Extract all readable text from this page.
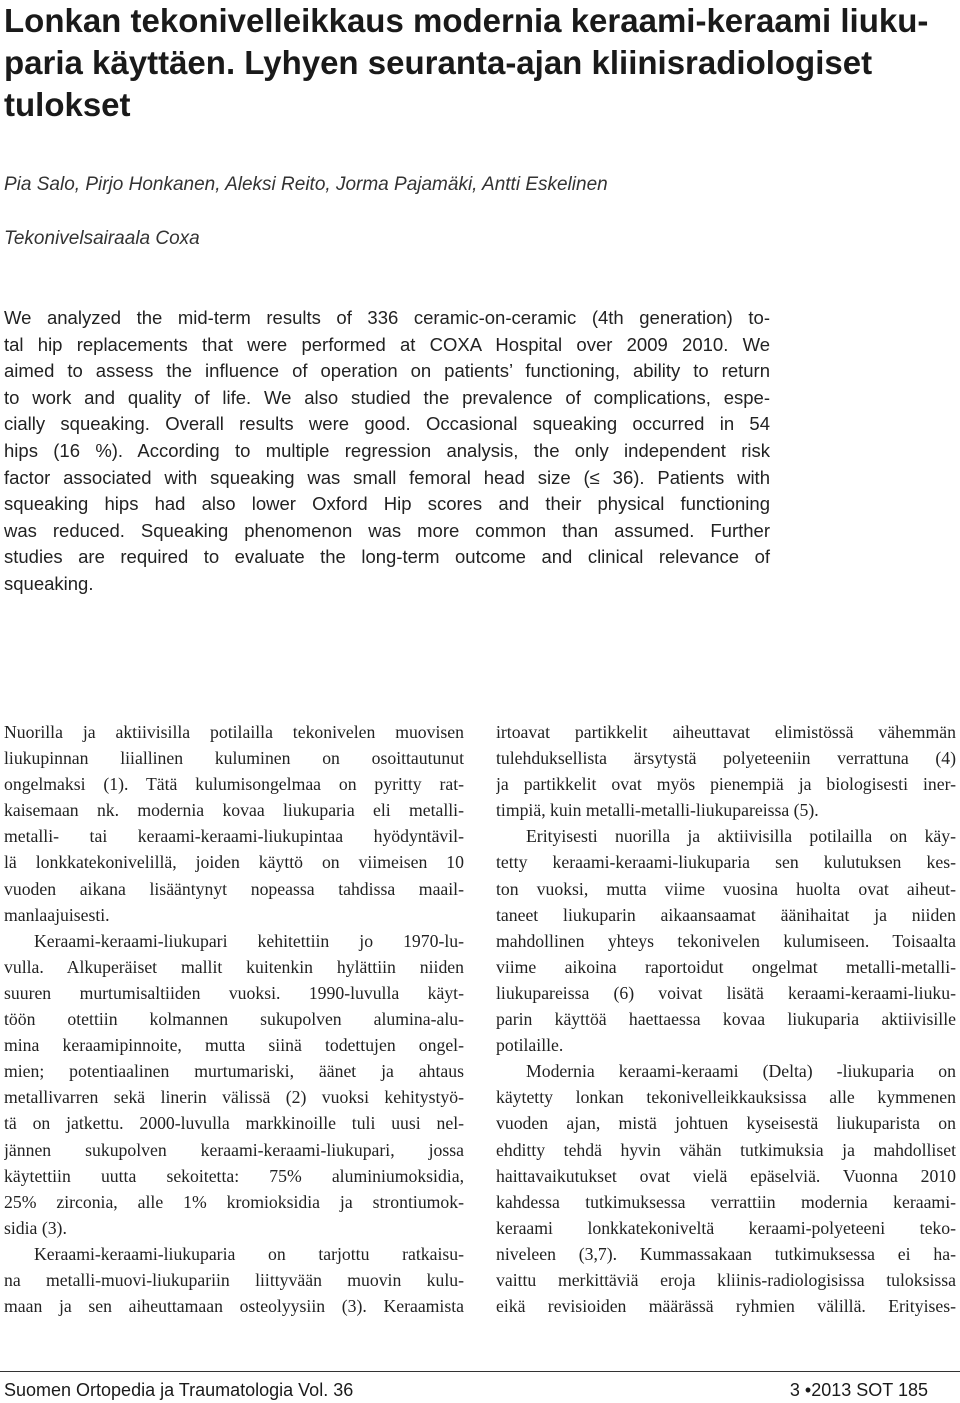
Lonkan tekonivelleikkaus modernia keraami-keraami liuku-
paria käyttäen. Lyhyen seuranta-ajan kliinisradiologiset
tulokset
Pia Salo, Pirjo Honkanen, Aleksi Reito, Jorma Pajamäki, Antti Eskelinen
Tekonivelsairaala Coxa
We analyzed the mid-term results of 336 ceramic-on-ceramic (4th generation) to-
tal hip replacements that were performed at COXA Hospital over 2009 2010. We
aimed to assess the influence of operation on patients’ functioning, ability to return
to work and quality of life. We also studied the prevalence of complications, espe-
cially squeaking. Overall results were good. Occasional squeaking occurred in 54
hips (16 %). According to multiple regression analysis, the only independent risk
factor associated with squeaking was small femoral head size (≤ 36). Patients with
squeaking hips had also lower Oxford Hip scores and their physical functioning
was reduced. Squeaking phenomenon was more common than assumed. Further
studies are required to evaluate the long-term outcome and clinical relevance of
squeaking.
Nuorilla ja aktiivisilla potilailla tekonivelen muovisen
liukupinnan liiallinen kuluminen on osoittautunut
ongelmaksi (1). Tätä kulumisongelmaa on pyritty rat-
kaisemaan nk. modernia kovaa liukuparia eli metalli-
metalli- tai keraami-keraami-liukupintaa hyödyntävil-
lä lonkkatekonivelillä, joiden käyttö on viimeisen 10
vuoden aikana lisääntynyt nopeassa tahdissa maail-
manlaajuisesti.
Keraami-keraami-liukupari kehitettiin jo 1970-lu-
vulla. Alkuperäiset mallit kuitenkin hylättiin niiden
suuren murtumisaltiiden vuoksi. 1990-luvulla käyt-
töön otettiin kolmannen sukupolven alumina-alu-
mina keraamipinnoite, mutta siinä todettujen ongel-
mien; potentiaalinen murtumariski, äänet ja ahtaus
metallivarren sekä linerin välissä (2) vuoksi kehitystyö-
tä on jatkettu. 2000-luvulla markkinoille tuli uusi nel-
jännen sukupolven keraami-keraami-liukupari, jossa
käytettiin uutta sekoitetta: 75% aluminiumoksidia,
25% zirconia, alle 1% kromioksidia ja strontiumok-
sidia (3).
Keraami-keraami-liukuparia on tarjottu ratkaisu-
na metalli-muovi-liukupariin liittyvään muovin kulu-
maan ja sen aiheuttamaan osteolyysiin (3). Keraamista
irtoavat partikkelit aiheuttavat elimistössä vähemmän
tulehduksellista ärsytystä polyeteeniin verrattuna (4)
ja partikkelit ovat myös pienempiä ja biologisesti iner-
timpiä, kuin metalli-metalli-liukupareissa (5).
Erityisesti nuorilla ja aktiivisilla potilailla on käy-
tetty keraami-keraami-liukuparia sen kulutuksen kes-
ton vuoksi, mutta viime vuosina huolta ovat aiheut-
taneet liukuparin aikaansaamat äänihaitat ja niiden
mahdollinen yhteys tekonivelen kulumiseen. Toisaalta
viime aikoina raportoidut ongelmat metalli-metalli-
liukupareissa (6) voivat lisätä keraami-keraami-liuku-
parin käyttöä haettaessa kovaa liukuparia aktiivisille
potilaille.
Modernia keraami-keraami (Delta) -liukuparia on
käytetty lonkan tekonivelleikkauksissa alle kymmenen
vuoden ajan, mistä johtuen kyseisestä liukuparista on
ehditty tehdä hyvin vähän tutkimuksia ja mahdolliset
haittavaikutukset ovat vielä epäselviä. Vuonna 2010
kahdessa tutkimuksessa verrattiin modernia keraami-
keraami lonkkatekoniveltä keraami-polyeteeni teko-
niveleen (3,7). Kummassakaan tutkimuksessa ei ha-
vaittu merkittäviä eroja kliinis-radiologisissa tuloksissa
eikä revisioiden määrässä ryhmien välillä. Erityises-
Suomen Ortopedia ja Traumatologia Vol. 36	3 •2013 SOT 185
